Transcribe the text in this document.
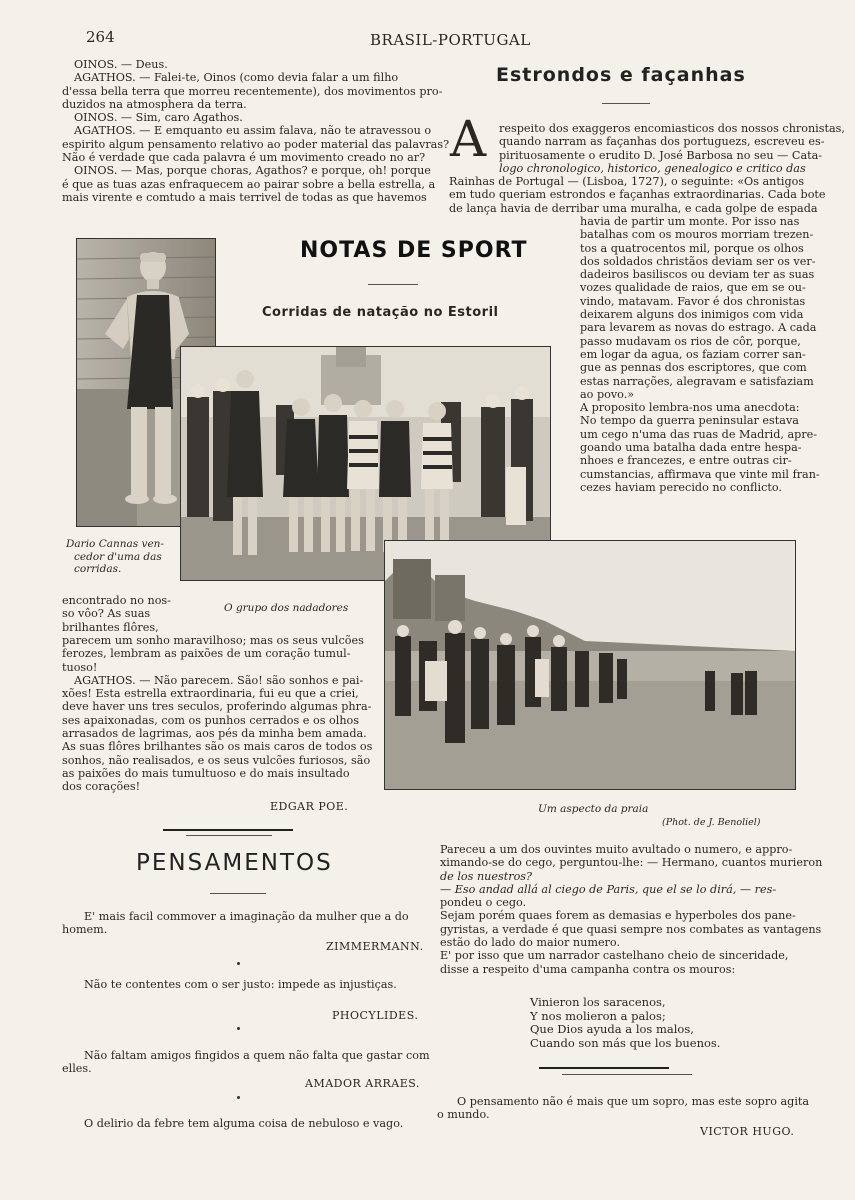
264	BRASIL-PORTUGAL
OINOS. — Deus.
AGATHOS. — Falei-te, Oinos (como devia falar a um filho
d'essa bella terra que morreu recentemente), dos movimentos pro-
duzidos na atmosphera da terra.
OINOS. — Sim, caro Agathos.
AGATHOS. — E emquanto eu assim falava, não te atravessou o
espirito algum pensamento relativo ao poder material das palavras?
Não é verdade que cada palavra é um movimento creado no ar?
OINOS. — Mas, porque choras, Agathos? e porque, oh! porque
é que as tuas azas enfraquecem ao pairar sobre a bella estrella, a
mais virente e comtudo a mais terrivel de todas as que havemos
Estrondos e façanhas
A respeito dos exaggeros encomiasticos dos nossos chronistas,
quando narram as façanhas dos portuguezs, escreveu es-
pirituosamente o erudito D. José Barbosa no seu — Cata-
logo chronologico, historico, genealogico e critico das
Rainhas de Portugal — (Lisboa, 1727), o seguinte: «Os antigos
em tudo queriam estrondos e façanhas extraordinarias. Cada bote
de lança havia de derribar uma muralha, e cada golpe de espada
havia de partir um monte. Por isso nas
batalhas com os mouros morriam trezen-
tos a quatrocentos mil, porque os olhos
dos soldados christãos deviam ser os ver-
dadeiros basiliscos ou deviam ter as suas
vozes qualidade de raios, que em se ou-
vindo, matavam. Favor é dos chronistas
deixarem alguns dos inimigos com vida
para levarem as novas do estrago. A cada
passo mudavam os rios de côr, porque,
em logar da agua, os faziam correr san-
gue as pennas dos escriptores, que com
estas narrações, alegravam e satisfaziam
ao povo.»
A proposito lembra-nos uma anecdota:
No tempo da guerra peninsular estava
um cego n'uma das ruas de Madrid, apre-
goando uma batalha dada entre hespa-
nhoes e francezes, e entre outras cir-
cumstancias, affirmava que vinte mil fran-
cezes haviam perecido no conflicto.
NOTAS DE SPORT
Corridas de natação no Estoril
Dario Cannas ven-
cedor d'uma das
corridas.
O grupo dos nadadores
Um aspecto da praia
(Phot. de J. Benoliel)
encontrado no nos-
so vôo? As suas
brilhantes flôres,
parecem um sonho maravilhoso; mas os seus vulcões
ferozes, lembram as paixões de um coração tumul-
tuoso!
AGATHOS. — Não parecem. São! são sonhos e pai-
xões! Esta estrella extraordinaria, fui eu que a criei,
deve haver uns tres seculos, proferindo algumas phra-
ses apaixonadas, com os punhos cerrados e os olhos
arrasados de lagrimas, aos pés da minha bem amada.
As suas flôres brilhantes são os mais caros de todos os
sonhos, não realisados, e os seus vulcões furiosos, são
as paixões do mais tumultuoso e do mais insultado
dos corações!
EDGAR POE.
PENSAMENTOS
E' mais facil commover a imaginação da mulher que a do
homem.
ZIMMERMANN.
Não te contentes com o ser justo: impede as injustiças.
PHOCYLIDES.
Não faltam amigos fingidos a quem não falta que gastar com
elles.
AMADOR ARRAES.
O delirio da febre tem alguma coisa de nebuloso e vago.
Pareceu a um dos ouvintes muito avultado o numero, e appro-
ximando-se do cego, perguntou-lhe: — Hermano, cuantos murieron
de los nuestros?
— Eso andad allá al ciego de Paris, que el se lo dirá, — res-
pondeu o cego.
Sejam porém quaes forem as demasias e hyperboles dos pane-
gyristas, a verdade é que quasi sempre nos combates as vantagens
estão do lado do maior numero.
E' por isso que um narrador castelhano cheio de sinceridade,
disse a respeito d'uma campanha contra os mouros:
Vinieron los saracenos,
Y nos molieron a palos;
Que Dios ayuda a los malos,
Cuando son más que los buenos.
O pensamento não é mais que um sopro, mas este sopro agita
o mundo.
VICTOR HUGO.
